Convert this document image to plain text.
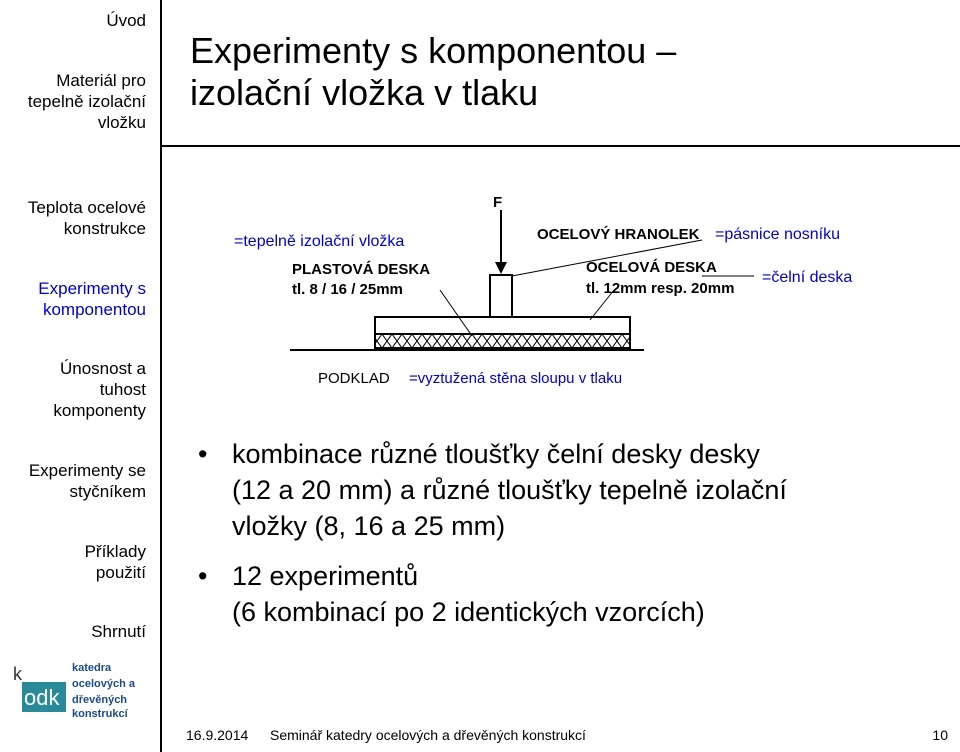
Úvod
Materiál pro tepelně izolační vložku
Teplota ocelové konstrukce
Experimenty s komponentou
Únosnost a tuhost komponenty
Experimenty se styčníkem
Příklady použití
Shrnutí
k
odk
katedra
ocelových a
dřevěných
konstrukcí
Experimenty s komponentou –
izolační vložka v tlaku
F
PLASTOVÁ DESKA
tl. 8 / 16 / 25mm
OCELOVÝ HRANOLEK
OCELOVÁ DESKA
tl. 12mm resp. 20mm
PODKLAD
=tepelně izolační vložka	=pásnice nosníku
=čelní deska
=vyztužená stěna sloupu v tlaku
• kombinace různé tloušťky čelní desky desky
(12 a 20 mm) a různé tloušťky tepelně izolační
vložky (8, 16 a 25 mm)
• 12 experimentů
(6 kombinací po 2 identických vzorcích)
16.9.2014 Seminář katedry ocelových a dřevěných konstrukcí	10
